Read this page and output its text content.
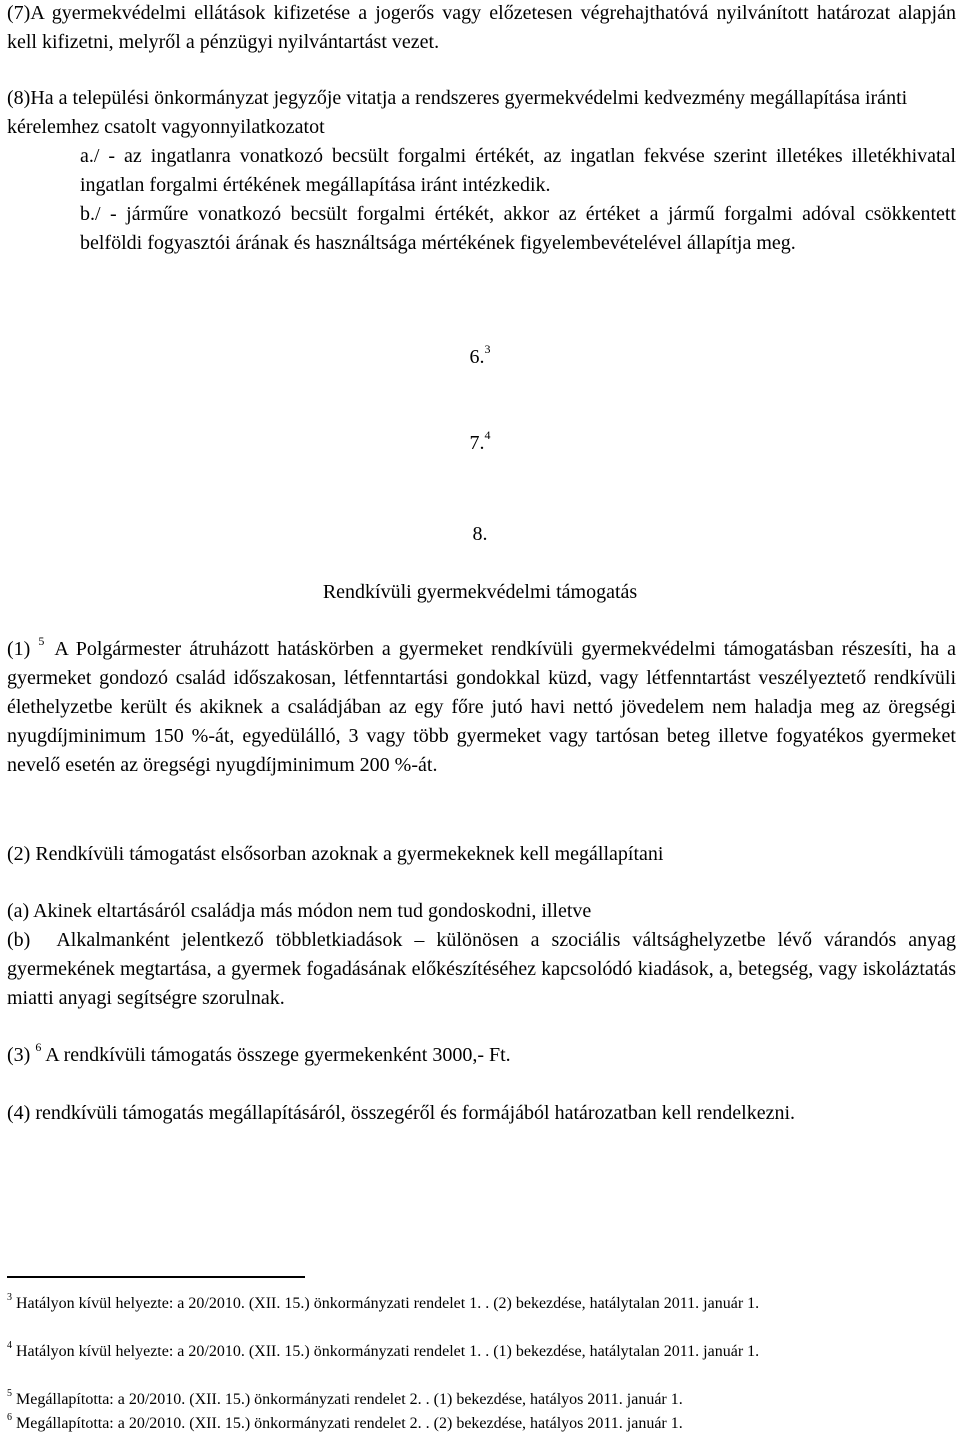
(7)A gyermekvédelmi ellátások kifizetése a jogerős vagy előzetesen végrehajthatóvá nyilvánított határozat alapján kell kifizetni, melyről a pénzügyi nyilvántartást vezet.

(8)Ha a települési önkormányzat jegyzője vitatja a rendszeres gyermekvédelmi kedvezmény megállapítása iránti kérelemhez csatolt vagyonnyilatkozatot

a./ - az ingatlanra vonatkozó becsült forgalmi értékét, az ingatlan fekvése szerint illetékes illetékhivatal ingatlan forgalmi értékének megállapítása iránt intézkedik.

b./ - járműre vonatkozó becsült forgalmi értékét, akkor az értéket a jármű forgalmi adóval csökkentett belföldi fogyasztói árának és használtsága mértékének figyelembevételével állapítja meg.

6.$^3$

7.$^4$

8.

Rendkívüli gyermekvédelmi támogatás

(1) $^5$ A Polgármester átruházott hatáskörben a gyermeket rendkívüli gyermekvédelmi támogatásban részesíti, ha a gyermeket gondozó család időszakosan, létfenntartási gondokkal küzd, vagy létfenntartást veszélyeztető rendkívüli élethelyzetbe került és akiknek a családjában az egy főre jutó havi nettó jövedelem nem haladja meg az öregségi nyugdíjminimum 150 %-át, egyedülálló, 3 vagy több gyermeket vagy tartósan beteg illetve fogyatékos gyermeket nevelő esetén az öregségi nyugdíjminimum 200 %-át.

(2) Rendkívüli támogatást elsősorban azoknak a gyermekeknek kell megállapítani

(a) Akinek eltartásáról családja más módon nem tud gondoskodni, illetve

(b) Alkalmanként jelentkező többletkiadások – különösen a szociális váltsághelyzetbe lévő várandós anyag gyermekének megtartása, a gyermek fogadásának előkészítéséhez kapcsolódó kiadások, a, betegség, vagy iskoláztatás miatti anyagi segítségre szorulnak.

(3) $^6$ A rendkívüli támogatás összege gyermekenként 3000,- Ft.

(4) rendkívüli támogatás megállapításáról, összegéről és formájából határozatban kell rendelkezni.

$^3$ Hatályon kívül helyezte: a 20/2010. (XII. 15.) önkormányzati rendelet 1. . (2) bekezdése, hatálytalan 2011. január 1.

$^4$ Hatályon kívül helyezte: a 20/2010. (XII. 15.) önkormányzati rendelet 1. . (1) bekezdése, hatálytalan 2011. január 1.

$^5$ Megállapította: a 20/2010. (XII. 15.) önkormányzati rendelet 2. . (1) bekezdése, hatályos 2011. január 1.

$^6$ Megállapította: a 20/2010. (XII. 15.) önkormányzati rendelet 2. . (2) bekezdése, hatályos 2011. január 1.
